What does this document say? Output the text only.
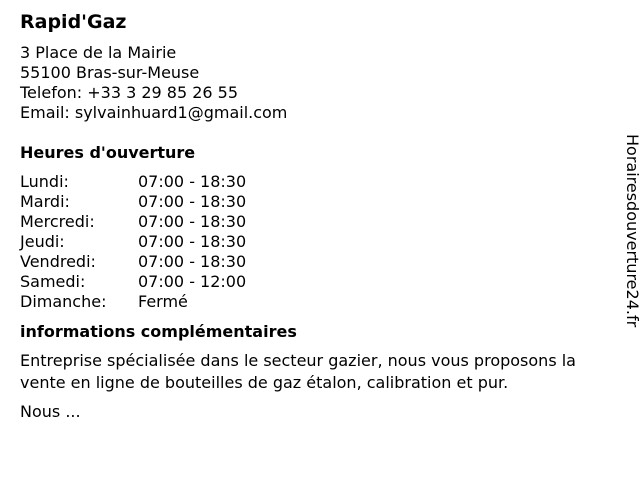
Rapid'Gaz
3 Place de la Mairie
55100 Bras-sur-Meuse
Telefon: +33 3 29 85 26 55
Email: sylvainhuard1@gmail.com
Heures d'ouverture
Lundi:	07:00 - 18:30
Mardi:	07:00 - 18:30
Mercredi:	07:00 - 18:30
Jeudi:	07:00 - 18:30
Vendredi:	07:00 - 18:30
Samedi:	07:00 - 12:00
Dimanche:	Fermé
informations complémentaires

Entreprise spécialisée dans le secteur gazier, nous vous proposons la vente en ligne de bouteilles de gaz étalon, calibration et pur.

Nous ...

Horairesdouverture24.fr
